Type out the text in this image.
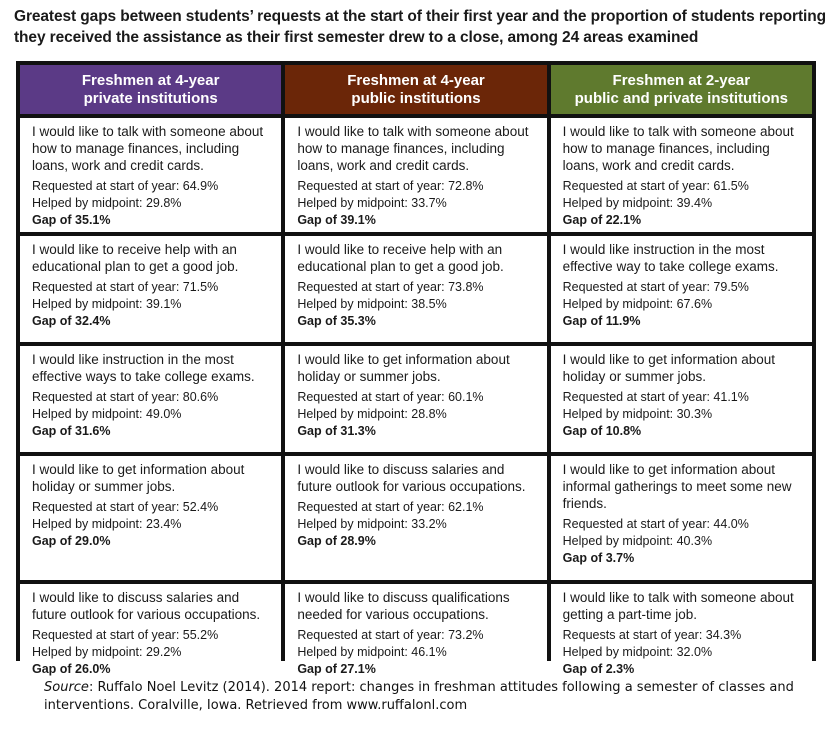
Greatest gaps between students’ requests at the start of their first year and the proportion of students reporting they received the assistance as their first semester drew to a close, among 24 areas examined
Freshmen at 4-year
private institutions
Freshmen at 4-year
public institutions
Freshmen at 2-year
public and private institutions
I would like to talk with someone about how to manage finances, including loans, work and credit cards.
Requested at start of year: 64.9%
Helped by midpoint: 29.8%
Gap of 35.1%
I would like to talk with someone about how to manage finances, including loans, work and credit cards.
Requested at start of year: 72.8%
Helped by midpoint: 33.7%
Gap of 39.1%
I would like to talk with someone about how to manage finances, including loans, work and credit cards.
Requested at start of year: 61.5%
Helped by midpoint: 39.4%
Gap of 22.1%
I would like to receive help with an educational plan to get a good job.
Requested at start of year: 71.5%
Helped by midpoint: 39.1%
Gap of 32.4%
I would like to receive help with an educational plan to get a good job.
Requested at start of year: 73.8%
Helped by midpoint: 38.5%
Gap of 35.3%
I would like instruction in the most effective way to take college exams.
Requested at start of year: 79.5%
Helped by midpoint: 67.6%
Gap of 11.9%
I would like instruction in the most effective ways to take college exams.
Requested at start of year: 80.6%
Helped by midpoint: 49.0%
Gap of 31.6%
I would like to get information about holiday or summer jobs.
Requested at start of year: 60.1%
Helped by midpoint: 28.8%
Gap of 31.3%
I would like to get information about holiday or summer jobs.
Requested at start of year: 41.1%
Helped by midpoint: 30.3%
Gap of 10.8%
I would like to get information about holiday or summer jobs.
Requested at start of year: 52.4%
Helped by midpoint: 23.4%
Gap of 29.0%
I would like to discuss salaries and future outlook for various occupations.
Requested at start of year: 62.1%
Helped by midpoint: 33.2%
Gap of 28.9%
I would like to get information about informal gatherings to meet some new friends.
Requested at start of year: 44.0%
Helped by midpoint: 40.3%
Gap of 3.7%
I would like to discuss salaries and future outlook for various occupations.
Requested at start of year: 55.2%
Helped by midpoint: 29.2%
Gap of 26.0%
I would like to discuss qualifications needed for various occupations.
Requested at start of year: 73.2%
Helped by midpoint: 46.1%
Gap of 27.1%
I would like to talk with someone about getting a part-time job.
Requests at start of year: 34.3%
Helped by midpoint: 32.0%
Gap of 2.3%
Source: Ruffalo Noel Levitz (2014). 2014 report: changes in freshman attitudes following a semester of classes and interventions. Coralville, Iowa. Retrieved from www.ruffalonl.com
